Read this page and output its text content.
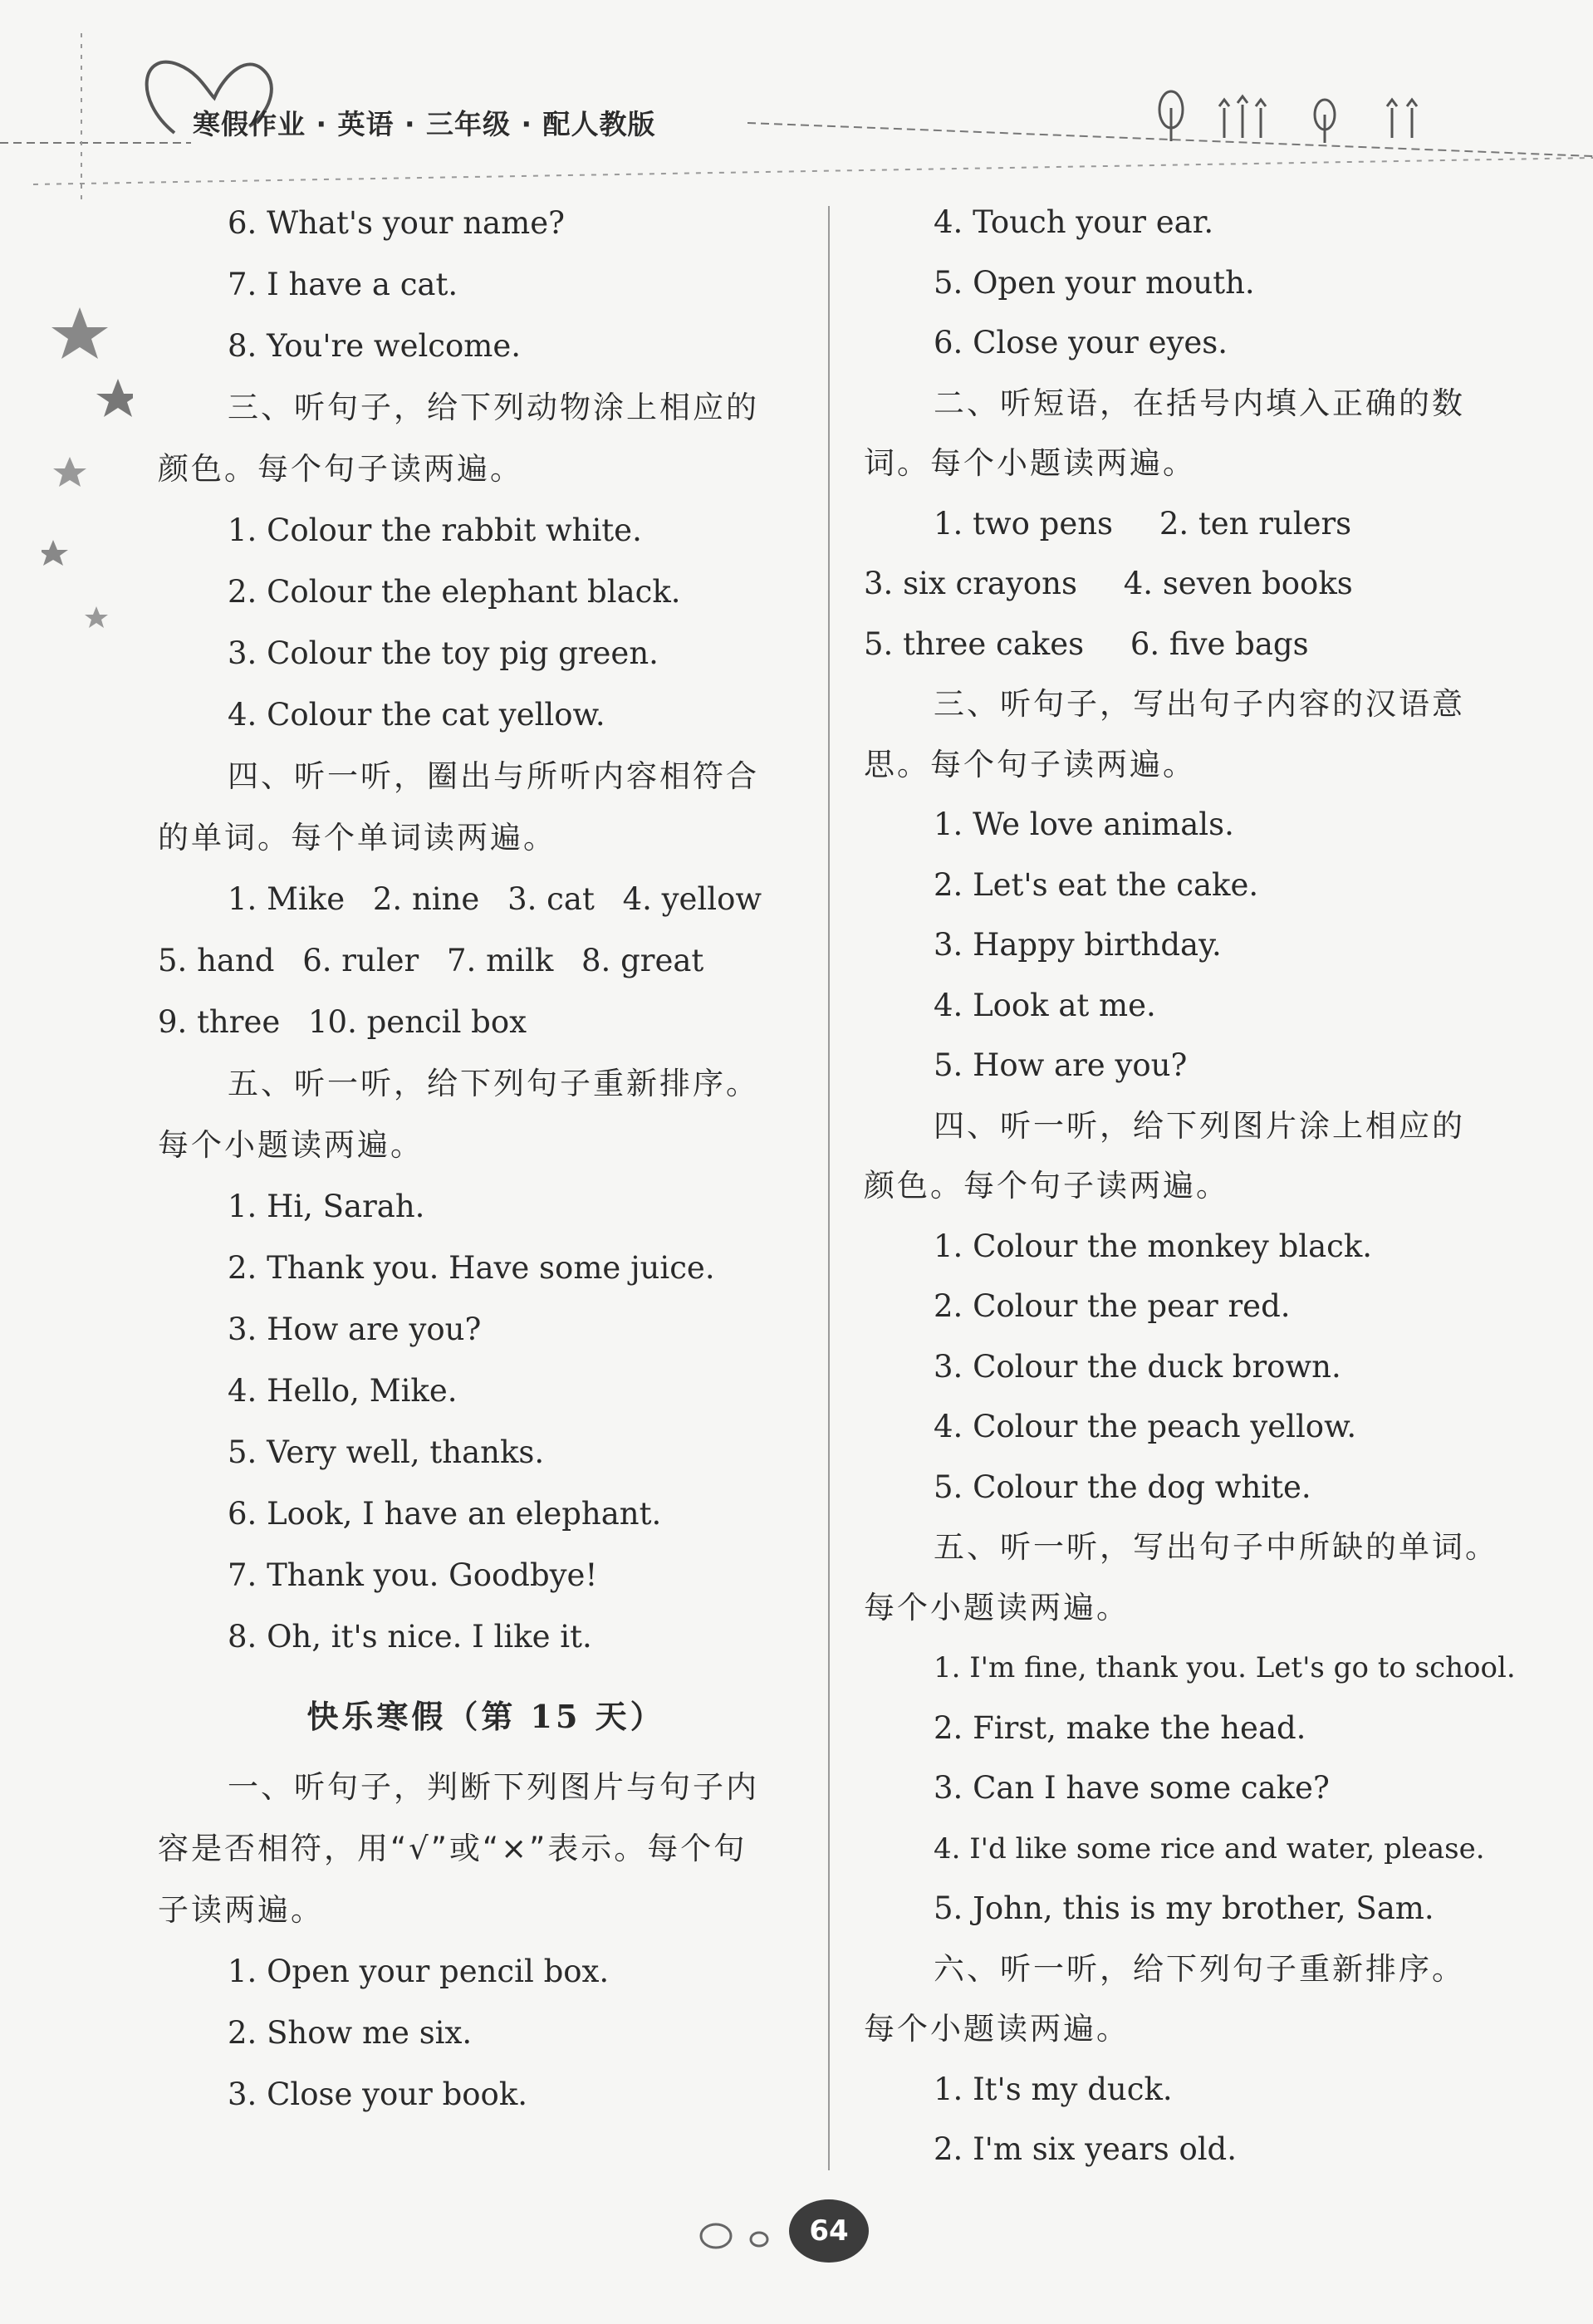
寒假作业 · 英语 · 三年级 · 配人教版
6. What's your name?
7. I have a cat.
8. You're welcome.
三、听句子，给下列动物涂上相应的
颜色。每个句子读两遍。
1. Colour the rabbit white.
2. Colour the elephant black.
3. Colour the toy pig green.
4. Colour the cat yellow.
四、听一听，圈出与所听内容相符合
的单词。每个单词读两遍。
1. Mike 2. nine 3. cat 4. yellow
5. hand 6. ruler 7. milk 8. great
9. three 10. pencil box
五、听一听，给下列句子重新排序。
每个小题读两遍。
1. Hi, Sarah.
2. Thank you. Have some juice.
3. How are you?
4. Hello, Mike.
5. Very well, thanks.
6. Look, I have an elephant.
7. Thank you. Goodbye!
8. Oh, it's nice. I like it.
快乐寒假（第 15 天）
一、听句子，判断下列图片与句子内
容是否相符，用“√”或“×”表示。每个句
子读两遍。
1. Open your pencil box.
2. Show me six.
3. Close your book.
4. Touch your ear.
5. Open your mouth.
6. Close your eyes.
二、听短语，在括号内填入正确的数
词。每个小题读两遍。
1. two pens 2. ten rulers
3. six crayons 4. seven books
5. three cakes 6. five bags
三、听句子，写出句子内容的汉语意
思。每个句子读两遍。
1. We love animals.
2. Let's eat the cake.
3. Happy birthday.
4. Look at me.
5. How are you?
四、听一听，给下列图片涂上相应的
颜色。每个句子读两遍。
1. Colour the monkey black.
2. Colour the pear red.
3. Colour the duck brown.
4. Colour the peach yellow.
5. Colour the dog white.
五、听一听，写出句子中所缺的单词。
每个小题读两遍。
1. I'm fine, thank you. Let's go to school.
2. First, make the head.
3. Can I have some cake?
4. I'd like some rice and water, please.
5. John, this is my brother, Sam.
六、听一听，给下列句子重新排序。
每个小题读两遍。
1. It's my duck.
2. I'm six years old.
64
